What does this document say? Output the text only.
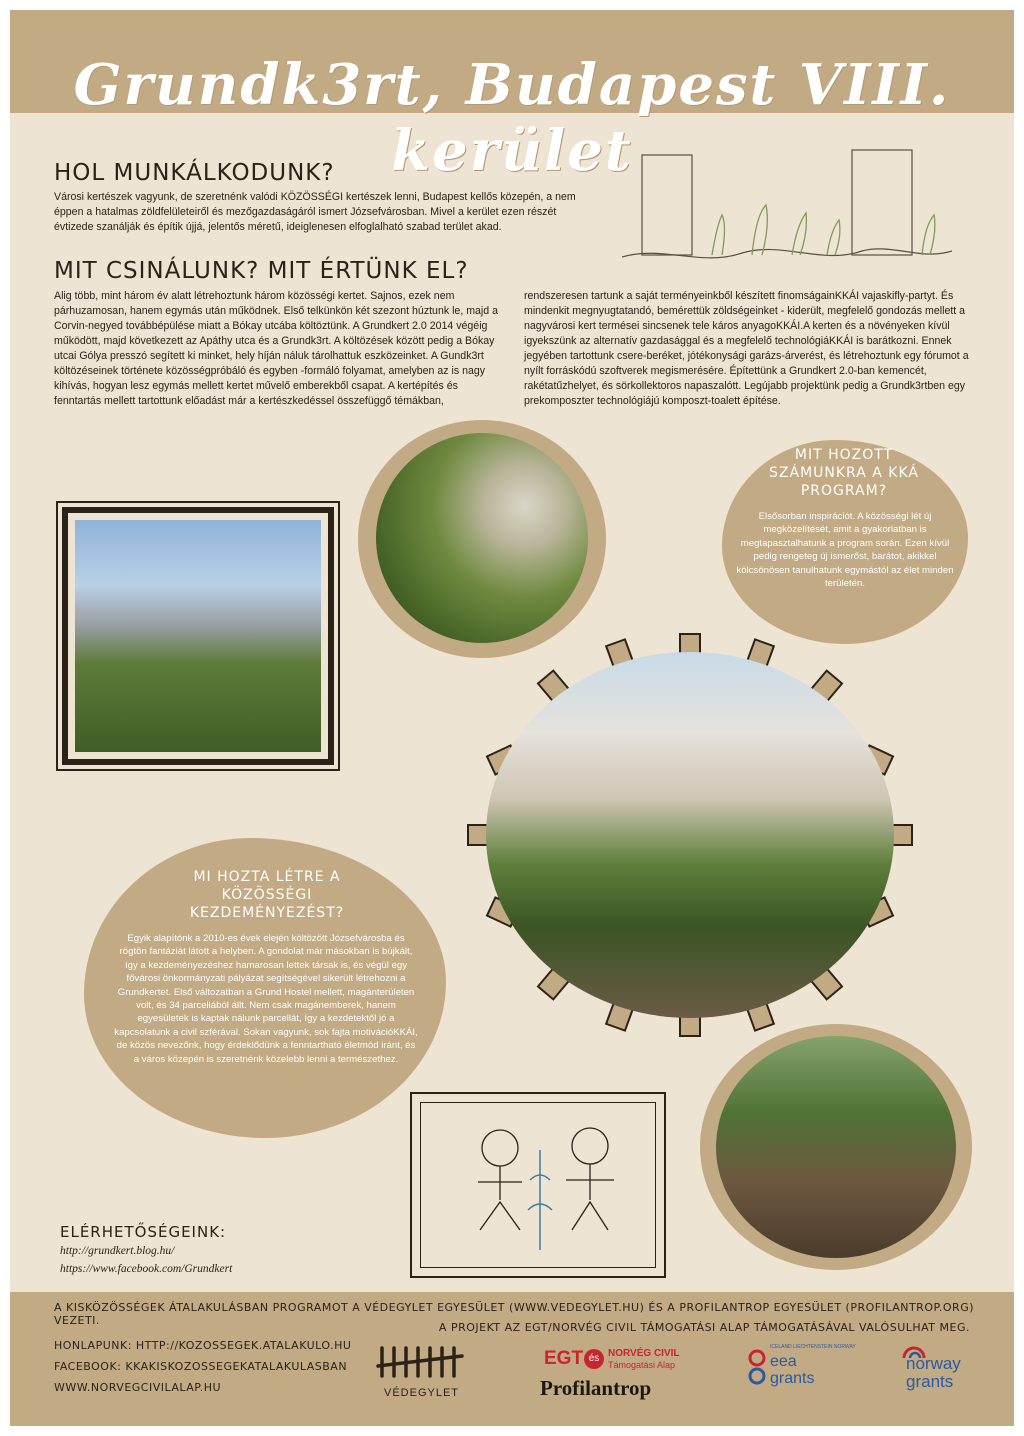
Grundk3rt, Budapest VIII. kerület
HOL MUNKÁLKODUNK?
Városi kertészek vagyunk, de szeretnénk valódi KÖZÖSSÉGI kertészek lenni, Budapest kellős közepén, a nem éppen a hatalmas zöldfelületeiről és mezőgazdaságáról ismert Józsefvárosban. Mivel a kerület ezen részét évtizede szanálják és építik újjá, jelentős méretű, ideiglenesen elfoglalható szabad terület akad.
MIT CSINÁLUNK? MIT ÉRTÜNK EL?
Alig több, mint három év alatt létrehoztunk három közösségi kertet. Sajnos, ezek nem párhuzamosan, hanem egymás után működnek. Első telkünkön két szezont húztunk le, majd a Corvin-negyed továbbépülése miatt a Bókay utcába költöztünk. A Grundkert 2.0 2014 végéig működött, majd következett az Apáthy utca és a Grundk3rt. A költözések között pedig a Bókay utcai Gólya presszó segített ki minket, hely híján náluk tárolhattuk eszközeinket. A Gundk3rt költözéseinek története közösségpróbáló és egyben -formáló folyamat, amelyben az is nagy kihívás, hogyan lesz egymás mellett kertet művelő emberekből csapat. A kertépítés és fenntartás mellett tartottunk előadást már a kertészkedéssel összefüggő témákban,
rendszeresen tartunk a saját terményeinkből készített finomságainKKÁI vajaskifly-partyt. És mindenkit megnyugtatandó, bemérettük zöldségeinket - kiderült, megfelelő gondozás mellett a nagyvárosi kert termései sincsenek tele káros anyagoKKÁI.A kerten és a növényeken kívül igyekszünk az alternatív gazdasággal és a megfelelő technológiáKKÁI is barátkozni. Ennek jegyében tartottunk csere-beréket, jótékonysági garázs-árverést, és létrehoztunk egy fórumot a nyílt forráskódú szoftverek megismerésére. Építettünk a Grundkert 2.0-ban kemencét, rakétatűzhelyet, és sörkollektoros napaszalótt. Legújabb projektünk pedig a Grundk3rtben egy prekomposzter technológiájú komposzt-toalett építése.
MIT HOZOTT SZÁMUNKRA A KKÁ PROGRAM?
Elsősorban inspirációt. A közösségi lét új megközelítését, amit a gyakorlatban is megtapasztalhatunk a program során. Ezen kívül pedig rengeteg új ismerőst, barátot, akikkel kölcsönösen tanulhatunk egymástól az élet minden területén.
MI HOZTA LÉTRE A KÖZÖSSÉGI KEZDEMÉNYEZÉST?
Egyik alapítónk a 2010-es évek elején költözött Józsefvárosba és rögtön fantáziát látott a helyben. A gondolat már másokban is bújkált, így a kezdeményezéshez hamarosan lettek társak is, és végül egy fővárosi önkormányzati pályázat segítségével sikerült létrehozni a Grundkertet. Első változatban a Grund Hostel mellett, magánterületen volt, és 34 parcellából állt. Nem csak magánemberek, hanem egyesületek is kaptak nálunk parcellát, így a kezdetektől jó a kapcsolatunk a civil szférával. Sokan vagyunk, sok fajta motivációKKÁI, de közös nevezőnk, hogy érdeklődünk a fenntartható életmód iránt, és a város közepén is szeretnénk közelebb lenni a természethez.
ELÉRHETŐSÉGEINK:
http://grundkert.blog.hu/
https://www.facebook.com/Grundkert
A KISKÖZÖSSÉGEK ÁTALAKULÁSBAN PROGRAMOT A VÉDEGYLET EGYESÜLET (WWW.VEDEGYLET.HU) ÉS A PROFILANTROP EGYESÜLET (PROFILANTROP.ORG) VEZETI.
A PROJEKT AZ EGT/NORVÉG CIVIL TÁMOGATÁSI ALAP TÁMOGATÁSÁVAL VALÓSULHAT MEG.
HONLAPUNK: HTTP://KOZOSSEGEK.ATALAKULO.HU
FACEBOOK: KKAKISKOZOSSEGEKATALAKULASBAN
WWW.NORVEGCIVILALAP.HU	VÉDEGYLET
EGT és NORVÉG CIVIL
Támogatási Alap
Profilantrop
ICELAND LIECHTENSTEIN NORWAY
eea
grants
norway
grants
